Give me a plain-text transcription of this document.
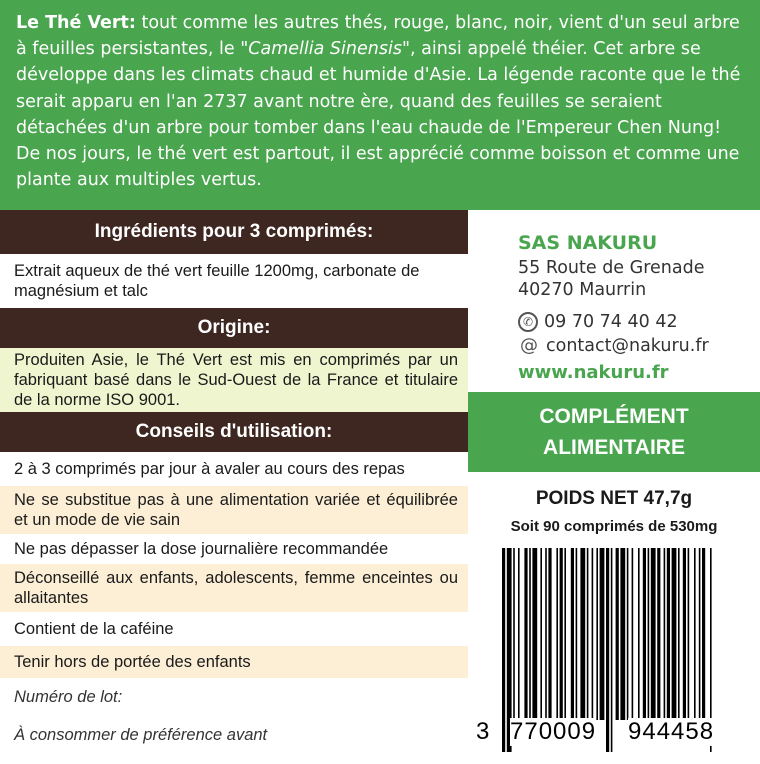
Le Thé Vert: tout comme les autres thés, rouge, blanc, noir, vient d'un seul arbre à feuilles persistantes, le "Camellia Sinensis", ainsi appelé théier. Cet arbre se développe dans les climats chaud et humide d'Asie. La légende raconte que le thé serait apparu en l'an 2737 avant notre ère, quand des feuilles se seraient détachées d'un arbre pour tomber dans l'eau chaude de l'Empereur Chen Nung! De nos jours, le thé vert est partout, il est apprécié comme boisson et comme une plante aux multiples vertus.
Ingrédients pour 3 comprimés:
Extrait aqueux de thé vert feuille 1200mg, carbonate de magnésium et talc
Origine:
Produiten Asie, le Thé Vert est mis en comprimés par un fabriquant basé dans le Sud-Ouest de la France et titulaire de la norme ISO 9001.
Conseils d'utilisation:
2 à 3 comprimés par jour à avaler au cours des repas
Ne se substitue pas à une alimentation variée et équilibrée et un mode de vie sain
Ne pas dépasser la dose journalière recommandée
Déconseillé aux enfants, adolescents, femme enceintes ou allaitantes
Contient de la caféine
Tenir hors de portée des enfants
Numéro de lot:
À consommer de préférence avant
SAS NAKURU
55 Route de Grenade
40270 Maurrin
✆ 09 70 74 40 42
@ contact@nakuru.fr
www.nakuru.fr
COMPLÉMENT
ALIMENTAIRE
POIDS NET 47,7g
Soit 90 comprimés de 530mg
3 770009 944458
